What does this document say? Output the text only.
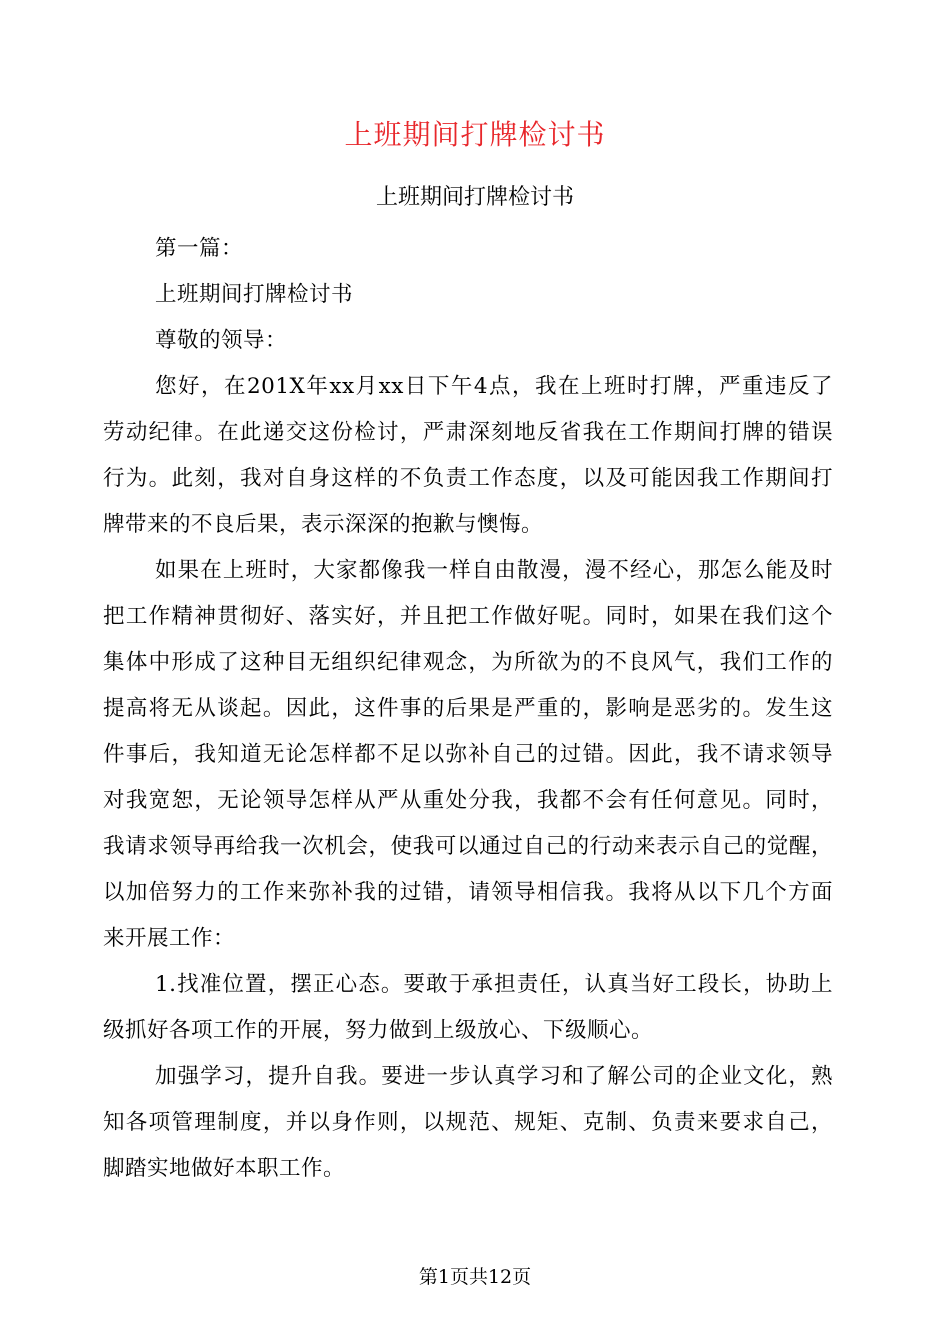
上班期间打牌检讨书

上班期间打牌检讨书

第一篇：

上班期间打牌检讨书

尊敬的领导：

您好，在201X年xx月xx日下午4点，我在上班时打牌，严重违反了

劳动纪律。在此递交这份检讨，严肃深刻地反省我在工作期间打牌的错误

行为。此刻，我对自身这样的不负责工作态度，以及可能因我工作期间打

牌带来的不良后果，表示深深的抱歉与懊悔。

如果在上班时，大家都像我一样自由散漫，漫不经心，那怎么能及时

把工作精神贯彻好、落实好，并且把工作做好呢。同时，如果在我们这个

集体中形成了这种目无组织纪律观念，为所欲为的不良风气，我们工作的

提高将无从谈起。因此，这件事的后果是严重的，影响是恶劣的。发生这

件事后，我知道无论怎样都不足以弥补自己的过错。因此，我不请求领导

对我宽恕，无论领导怎样从严从重处分我，我都不会有任何意见。同时，

我请求领导再给我一次机会，使我可以通过自己的行动来表示自己的觉醒，

以加倍努力的工作来弥补我的过错，请领导相信我。我将从以下几个方面

来开展工作：

1.找准位置，摆正心态。要敢于承担责任，认真当好工段长，协助上

级抓好各项工作的开展，努力做到上级放心、下级顺心。

加强学习，提升自我。要进一步认真学习和了解公司的企业文化，熟

知各项管理制度，并以身作则，以规范、规矩、克制、负责来要求自己，

脚踏实地做好本职工作。

第1页共12页
